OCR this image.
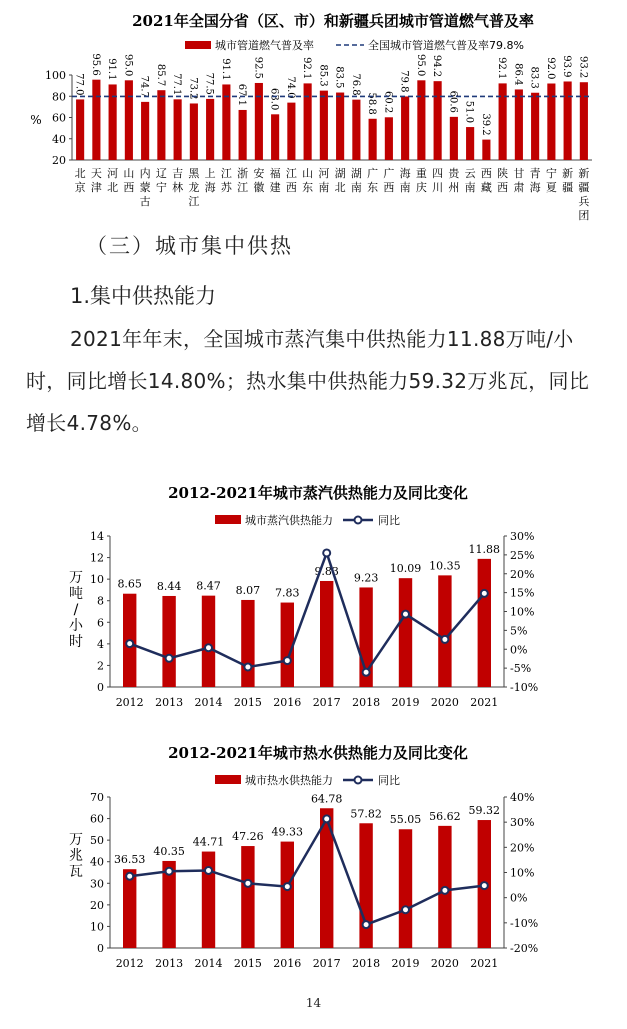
2021年全国分省（区、市）和新疆兵团城市管道燃气普及率
城市管道燃气普及率	全国城市管道燃气普及率79.8%
20
40
60
80
100
%
77.0
北
京
95.6
天
津
91.1
河
北
95.0
山
西
74.7
内
蒙
古
85.7
辽
宁
77.1
吉
林
73.2
黑
龙
江
77.5
上
海
91.1
江
苏
67.1
浙
江
92.5
安
徽
63.0
福
建
74.0
江
西
92.1
山
东
85.3
河
南
83.5
湖
北
76.8
湖
南
58.8
广
东
60.2
广
西
79.8
海
南
95.0
重
庆
94.2
四
川
60.6
贵
州
51.0
云
南
39.2
西
藏
92.1
陕
西
86.4
甘
肃
83.3
青
海
92.0
宁
夏
93.9
新
疆
93.2
新
疆
兵
团
（三）城市集中供热
1.集中供热能力

2021年年末，全国城市蒸汽集中供热能力11.88万吨/小时，同比增长14.80%；热水集中供热能力59.32万兆瓦，同比增长4.78%。

2012-2021年城市蒸汽供热能力及同比变化
城市蒸汽供热能力	同比
0
2
4
6
8
10
12
14
-10%
-5%
0%
5%
10%
15%
20%
25%
30%
万吨/小时
8.65
2012
8.44
2013
8.47
2014
8.07
2015
7.83
2016
9.83
2017
9.23
2018
10.09
2019
10.35
2020
11.88
2021
2012-2021年城市热水供热能力及同比变化
城市热水供热能力	同比
0
10
20
30
40
50
60
70
-20%
-10%
0%
10%
20%
30%
40%
万兆瓦
36.53
2012
40.35
2013
44.71
2014
47.26
2015
49.33
2016
64.78
2017
57.82
2018
55.05
2019
56.62
2020
59.32
2021
14
